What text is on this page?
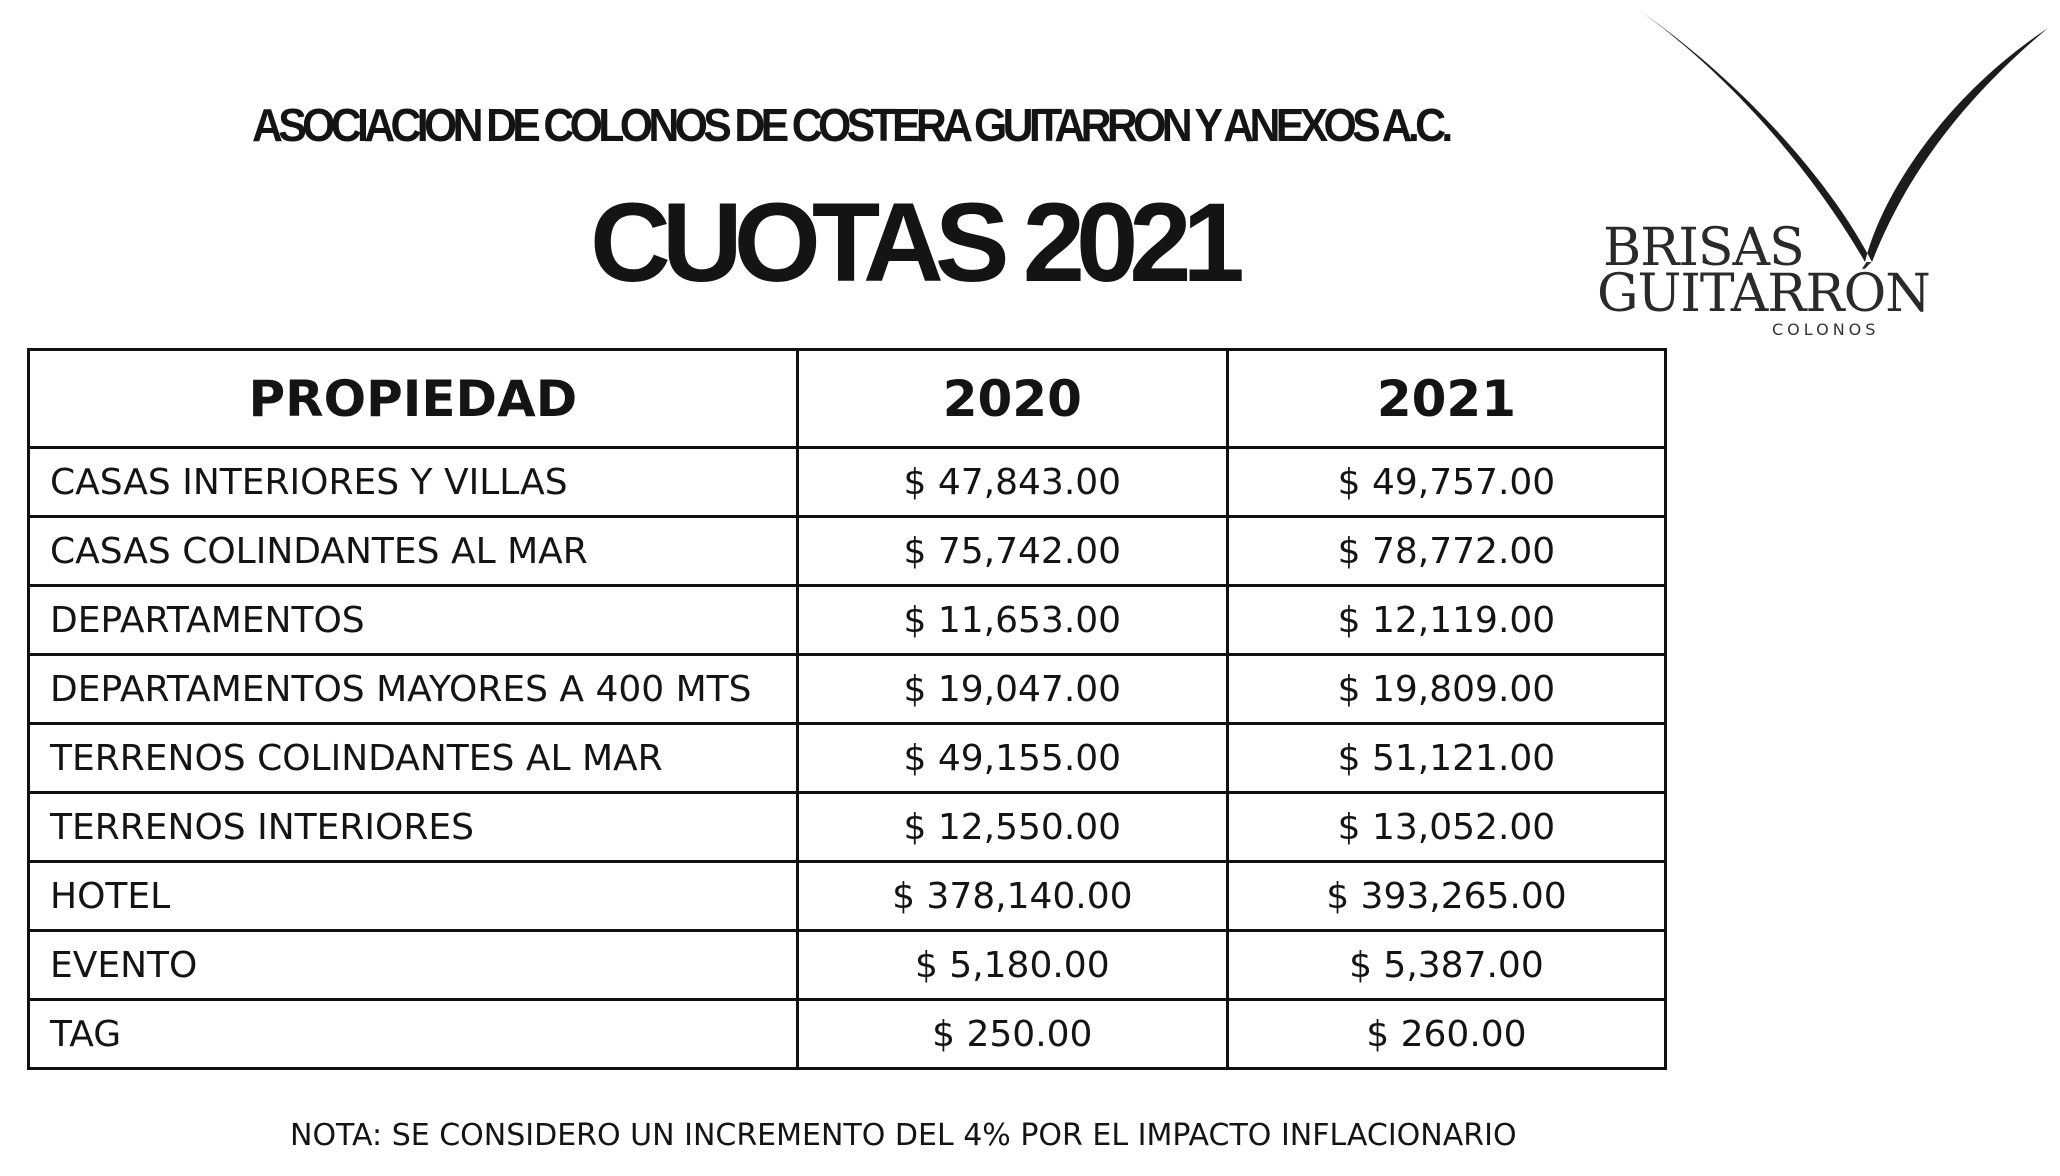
ASOCIACION DE COLONOS DE COSTERA GUITARRON Y ANEXOS A.C.
CUOTAS 2021	BRISAS
GUITARRÓN
COLONOS
PROPIEDAD	2020	2021
CASAS INTERIORES Y VILLAS	$ 47,843.00	$ 49,757.00
CASAS COLINDANTES AL MAR	$ 75,742.00	$ 78,772.00
DEPARTAMENTOS	$ 11,653.00	$ 12,119.00
DEPARTAMENTOS MAYORES A 400 MTS	$ 19,047.00	$ 19,809.00
TERRENOS COLINDANTES AL MAR	$ 49,155.00	$ 51,121.00
TERRENOS INTERIORES	$ 12,550.00	$ 13,052.00
HOTEL	$ 378,140.00	$ 393,265.00
EVENTO	$ 5,180.00	$ 5,387.00
TAG	$ 250.00	$ 260.00
NOTA: SE CONSIDERO UN INCREMENTO DEL 4% POR EL IMPACTO INFLACIONARIO
